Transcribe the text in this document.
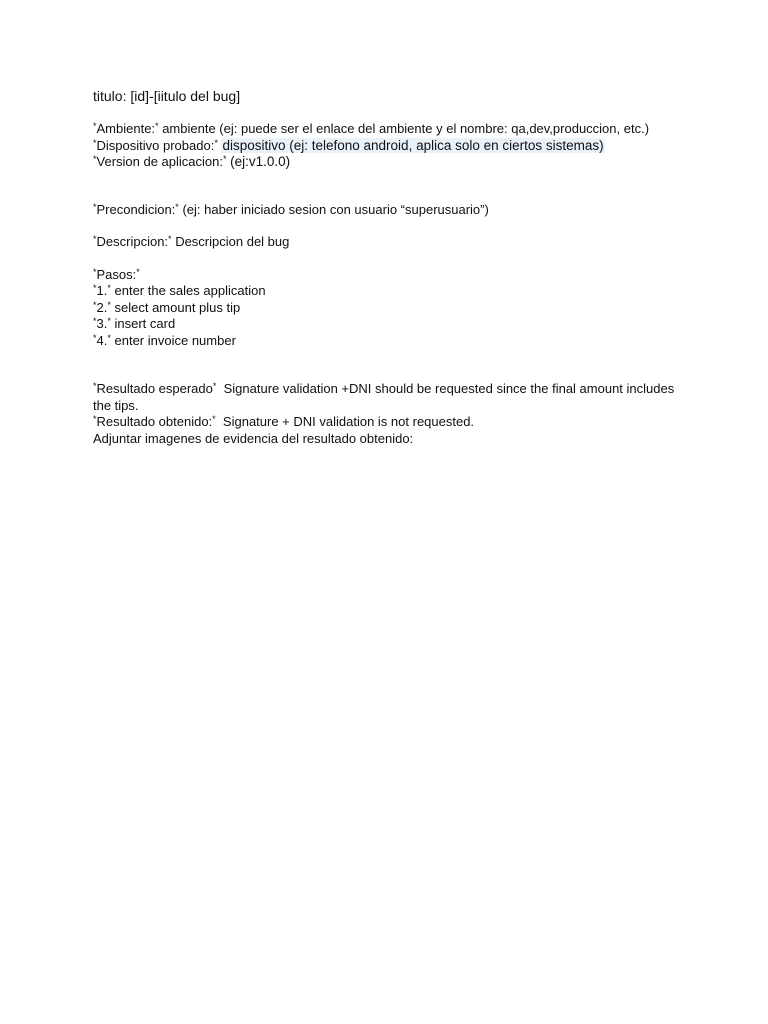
titulo: [id]-[iitulo del bug]
*Ambiente:* ambiente (ej: puede ser el enlace del ambiente y el nombre: qa,dev,produccion, etc.)
*Dispositivo probado:* dispositivo (ej: telefono android, aplica solo en ciertos sistemas)
*Version de aplicacion:* (ej:v1.0.0)
*Precondicion:* (ej: haber iniciado sesion con usuario “superusuario”)
*Descripcion:* Descripcion del bug
*Pasos:*
*1.* enter the sales application
*2.* select amount plus tip
*3.* insert card
*4.* enter invoice number
*Resultado esperado* Signature validation +DNI should be requested since the final amount includes the tips.
*Resultado obtenido:* Signature + DNI validation is not requested.
Adjuntar imagenes de evidencia del resultado obtenido:
